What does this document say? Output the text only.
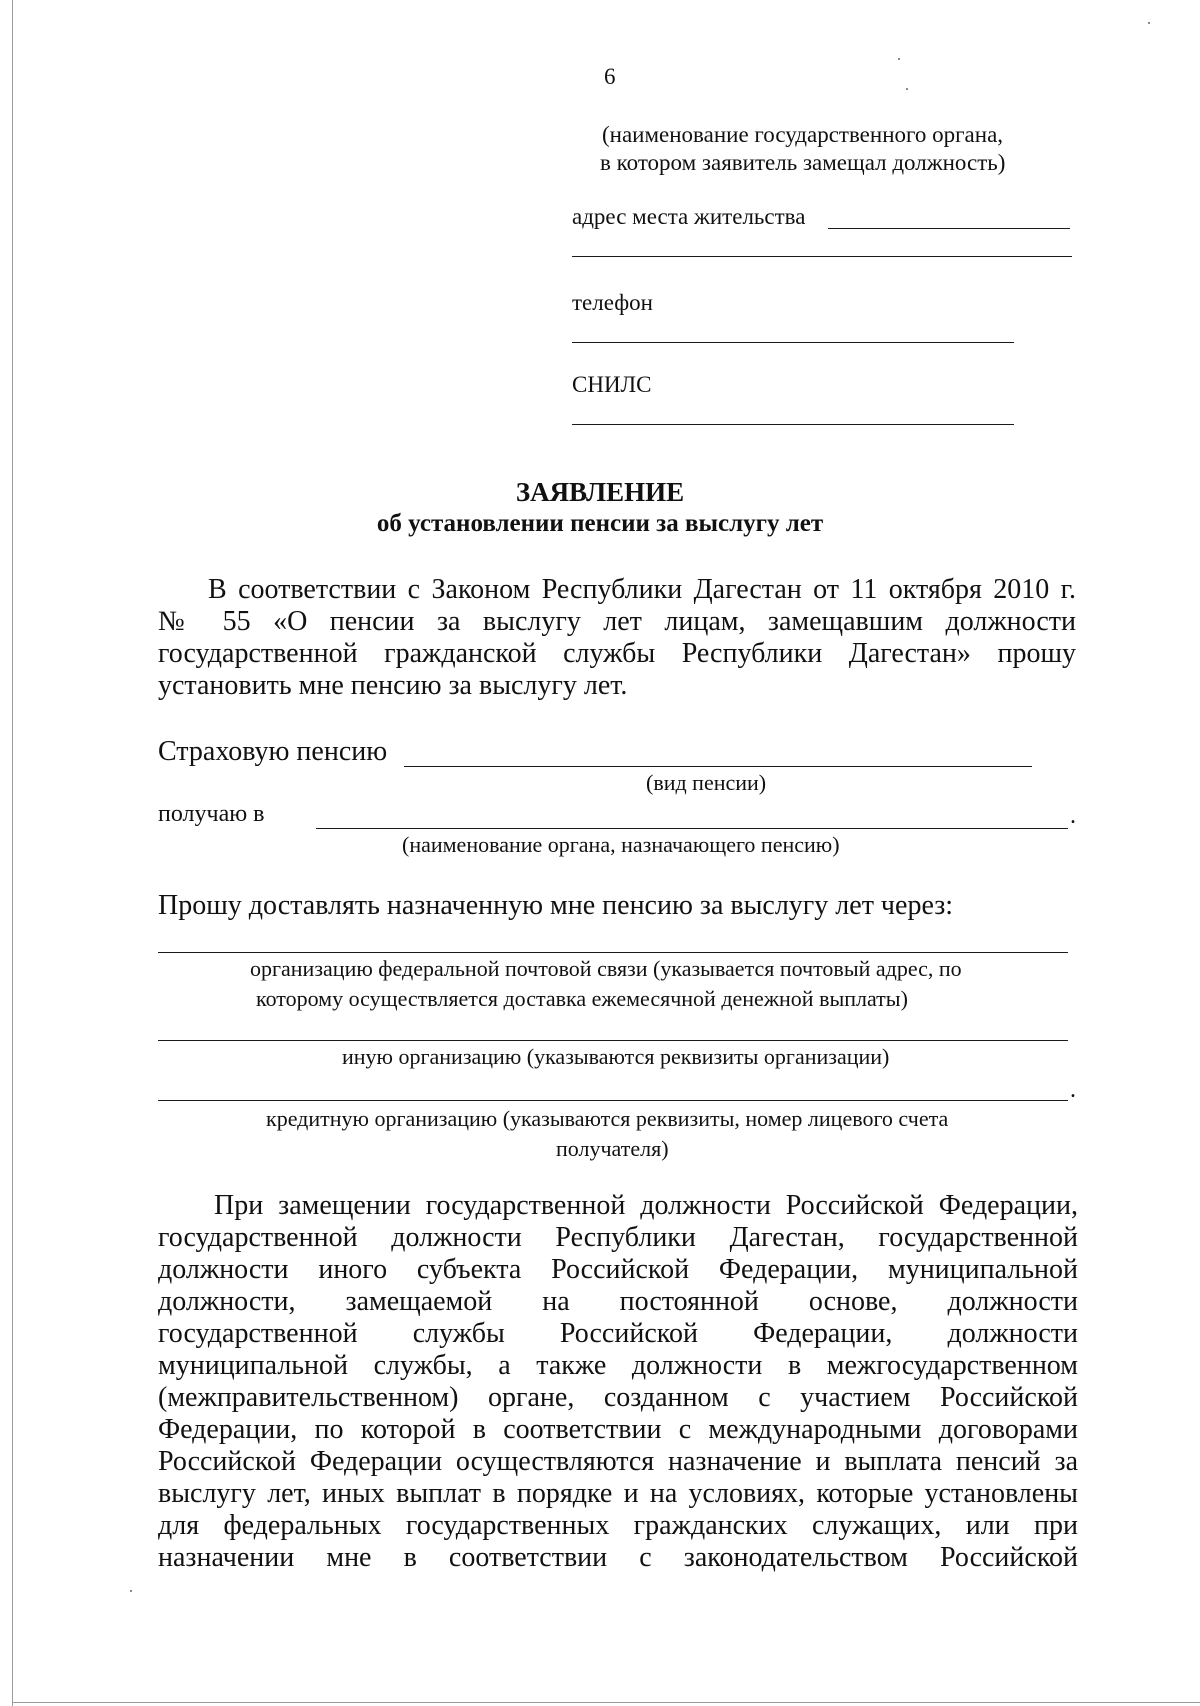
6
(наименование государственного органа,
в котором заявитель замещал должность)
адрес места жительства
телефон
СНИЛС
ЗАЯВЛЕНИЕ
об установлении пенсии за выслугу лет
В соответствии с Законом Республики Дагестан от 11 октября 2010 г.
№ 55 «О пенсии за выслугу лет лицам, замещавшим должности
государственной гражданской службы Республики Дагестан» прошу
установить мне пенсию за выслугу лет.
Страховую пенсию
(вид пенсии)
получаю в	.
(наименование органа, назначающего пенсию)
Прошу доставлять назначенную мне пенсию за выслугу лет через:
организацию федеральной почтовой связи (указывается почтовый адрес, по
которому осуществляется доставка ежемесячной денежной выплаты)
иную организацию (указываются реквизиты организации)
.
кредитную организацию (указываются реквизиты, номер лицевого счета
получателя)
При замещении государственной должности Российской Федерации,
государственной должности Республики Дагестан, государственной
должности иного субъекта Российской Федерации, муниципальной
должности, замещаемой на постоянной основе, должности
государственной службы Российской Федерации, должности
муниципальной службы, а также должности в межгосударственном
(межправительственном) органе, созданном с участием Российской
Федерации, по которой в соответствии с международными договорами
Российской Федерации осуществляются назначение и выплата пенсий за
выслугу лет, иных выплат в порядке и на условиях, которые установлены
для федеральных государственных гражданских служащих, или при
назначении мне в соответствии с законодательством Российской
